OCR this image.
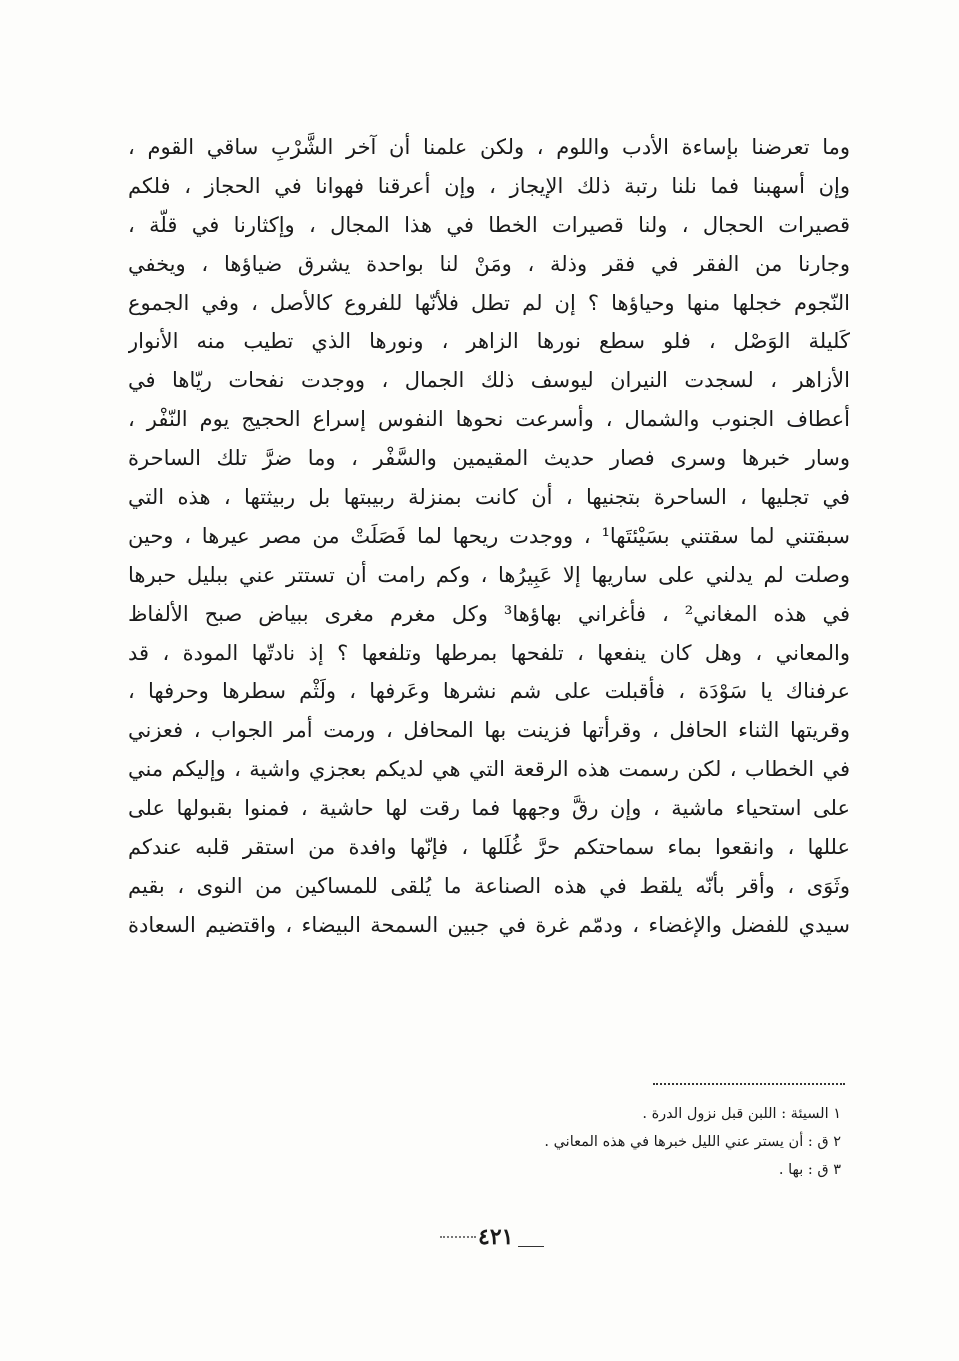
وما تعرضنا بإساءة الأدب واللوم ، ولكن علمنا أن آخر الشَّرْبِ ساقي القوم ،
وإن أسهبنا فما نلنا رتبة ذلك الإيجاز ، وإن أعرقنا فهوانا في الحجاز ، فلكم
قصيرات الحجال ، ولنا قصيرات الخطا في هذا المجال ، وإكثارنا في قلّة ،
وجارنا من الفقر في فقر وذلة ، ومَنْ لنا بواحدة يشرق ضياؤها ، ويخفي
النّجوم خجلها منها وحياؤها ؟ إن لم تطل فلأنّها للفروع كالأصل ، وفي الجموع
كَليلة الوَصْل ، فلو سطع نورها الزاهر ، ونورها الذي تطيب منه الأنوار
الأزاهر ، لسجدت النيران ليوسف ذلك الجمال ، ووجدت نفحات ريّاها في
أعطاف الجنوب والشمال ، وأسرعت نحوها النفوس إسراع الحجيج يوم النّفْر ،
وسار خبرها وسرى فصار حديث المقيمين والسَّفْر ، وما ضرَّ تلك الساحرة
في تجليها ، الساحرة بتجنيها ، أن كانت بمنزلة ربيبتها بل ربيثتها ، هذه التي
سبقتني لما سقتني بسَيْئتَها¹ ، ووجدت ريحها لما فَصَلَتْ من مصر عيرها ، وحين
وصلت لم يدلني على ساريها إلا عَبِيرُها ، وكم رامت أن تستتر عني ببليل حبرها
في هذه المغاني² ، فأغراني بهاؤها³ وكل مغرم مغرى ببياض صبح الألفاظ
والمعاني ، وهل كان ينفعها ، تلفحها بمرطها وتلفعها ؟ إذ نادتّها المودة ، قد
عرفناك يا سَوْدَة ، فأقبلت على شم نشرها وعَرفها ، ولَثْم سطرها وحرفها ،
وقريتها الثناء الحافل ، وقرأتها فزينت بها المحافل ، ورمت أمر الجواب ، فعزني
في الخطاب ، لكن رسمت هذه الرقعة التي هي لديكم بعجزي واشية ، وإليكم مني
على استحياء ماشية ، وإن رقَّ وجهها فما رقت لها حاشية ، فمنوا بقبولها على
عللها ، وانقعوا بماء سماحتكم حرَّ غُلَلها ، فإنّها وافدة من استقر قلبه عندكم
وثَوَى ، وأقر بأنّه يلقط في هذه الصناعة ما يُلقى للمساكين من النوى ، بقيم
سيدي للفضل والإغضاء ، ودمّم غرة في جبين السمحة البيضاء ، واقتضيم السعادة
١ السيئة : اللبن قبل نزول الدرة .
٢ ق : أن يستر عني الليل خبرها في هذه المعاني .
٣ ق : بها .
٤٢١
